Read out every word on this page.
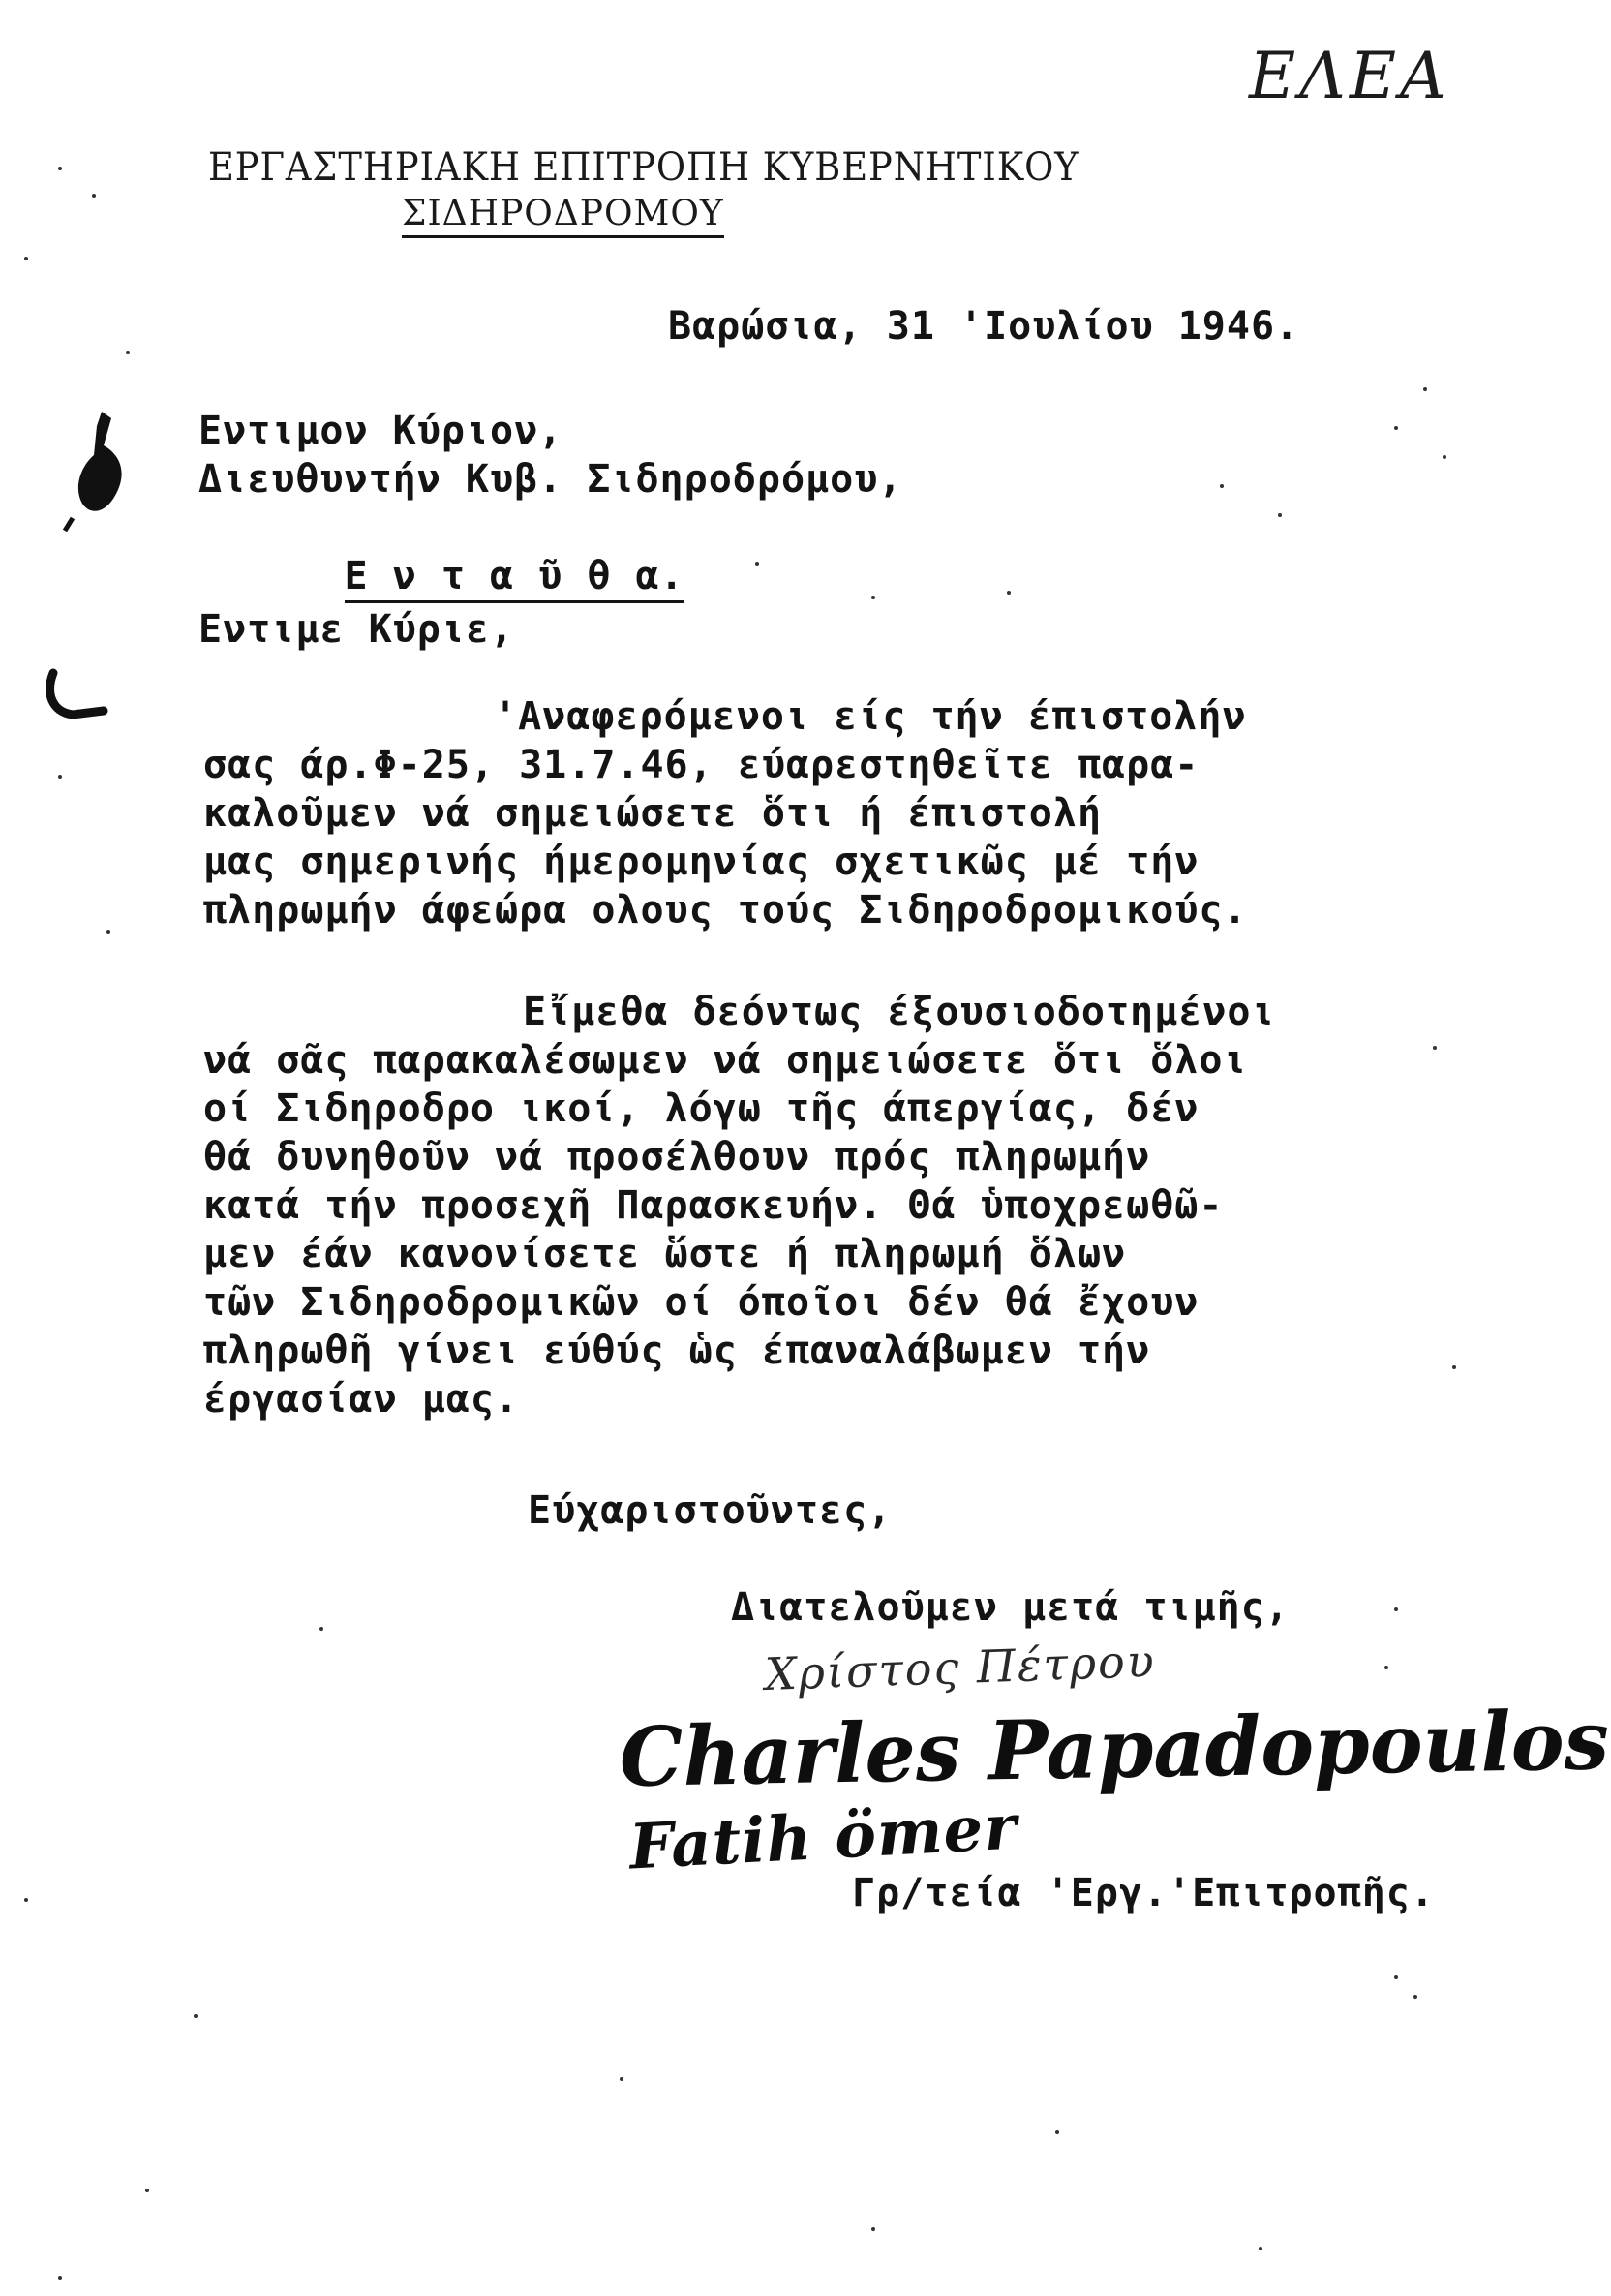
ΕΛΕΑ
ΕΡΓΑΣΤΗΡΙΑΚΗ ΕΠΙΤΡΟΠΗ ΚΥΒΕΡΝΗΤΙΚΟΥ
ΣΙΔΗΡΟΔΡΟΜΟΥ
Βαρώσια, 31 'Ιουλίου 1946.
Εντιμον Κύριον,
Διευθυντήν Κυβ. Σιδηροδρόμου,

Ε ν τ α ῦ θ α.

Εντιμε Κύριε,
'Αναφερόμενοι είς τήν έπιστολήν
σας άρ.Φ-25, 31.7.46, εύαρεστηθεῖτε παρα-
καλοῦμεν νά σημειώσετε ὅτι ή έπιστολή
μας σημερινής ήμερομηνίας σχετικῶς μέ τήν
πληρωμήν άφεώρα ολους τούς Σιδηροδρομικούς.
Εἴμεθα δεόντως έξουσιοδοτημένοι
νά σᾶς παρακαλέσωμεν νά σημειώσετε ὅτι ὅλοι
οί Σιδηροδρο ικοί, λόγω τῆς άπεργίας, δέν
θά δυνηθοῦν νά προσέλθουν πρός πληρωμήν
κατά τήν προσεχῆ Παρασκευήν. Θά ὑποχρεωθῶ-
μεν έάν κανονίσετε ὥστε ή πληρωμή ὅλων
τῶν Σιδηροδρομικῶν οί όποῖοι δέν θά ἔχουν
πληρωθῆ γίνει εύθύς ὡς έπαναλάβωμεν τήν
έργασίαν μας.
Εύχαριστοῦντες,
Διατελοῦμεν μετά τιμῆς,
Χρίστος Πέτρου
Charles Papadopoulos
Fatih ömer
Γρ/τεία 'Εργ.'Επιτροπῆς.
